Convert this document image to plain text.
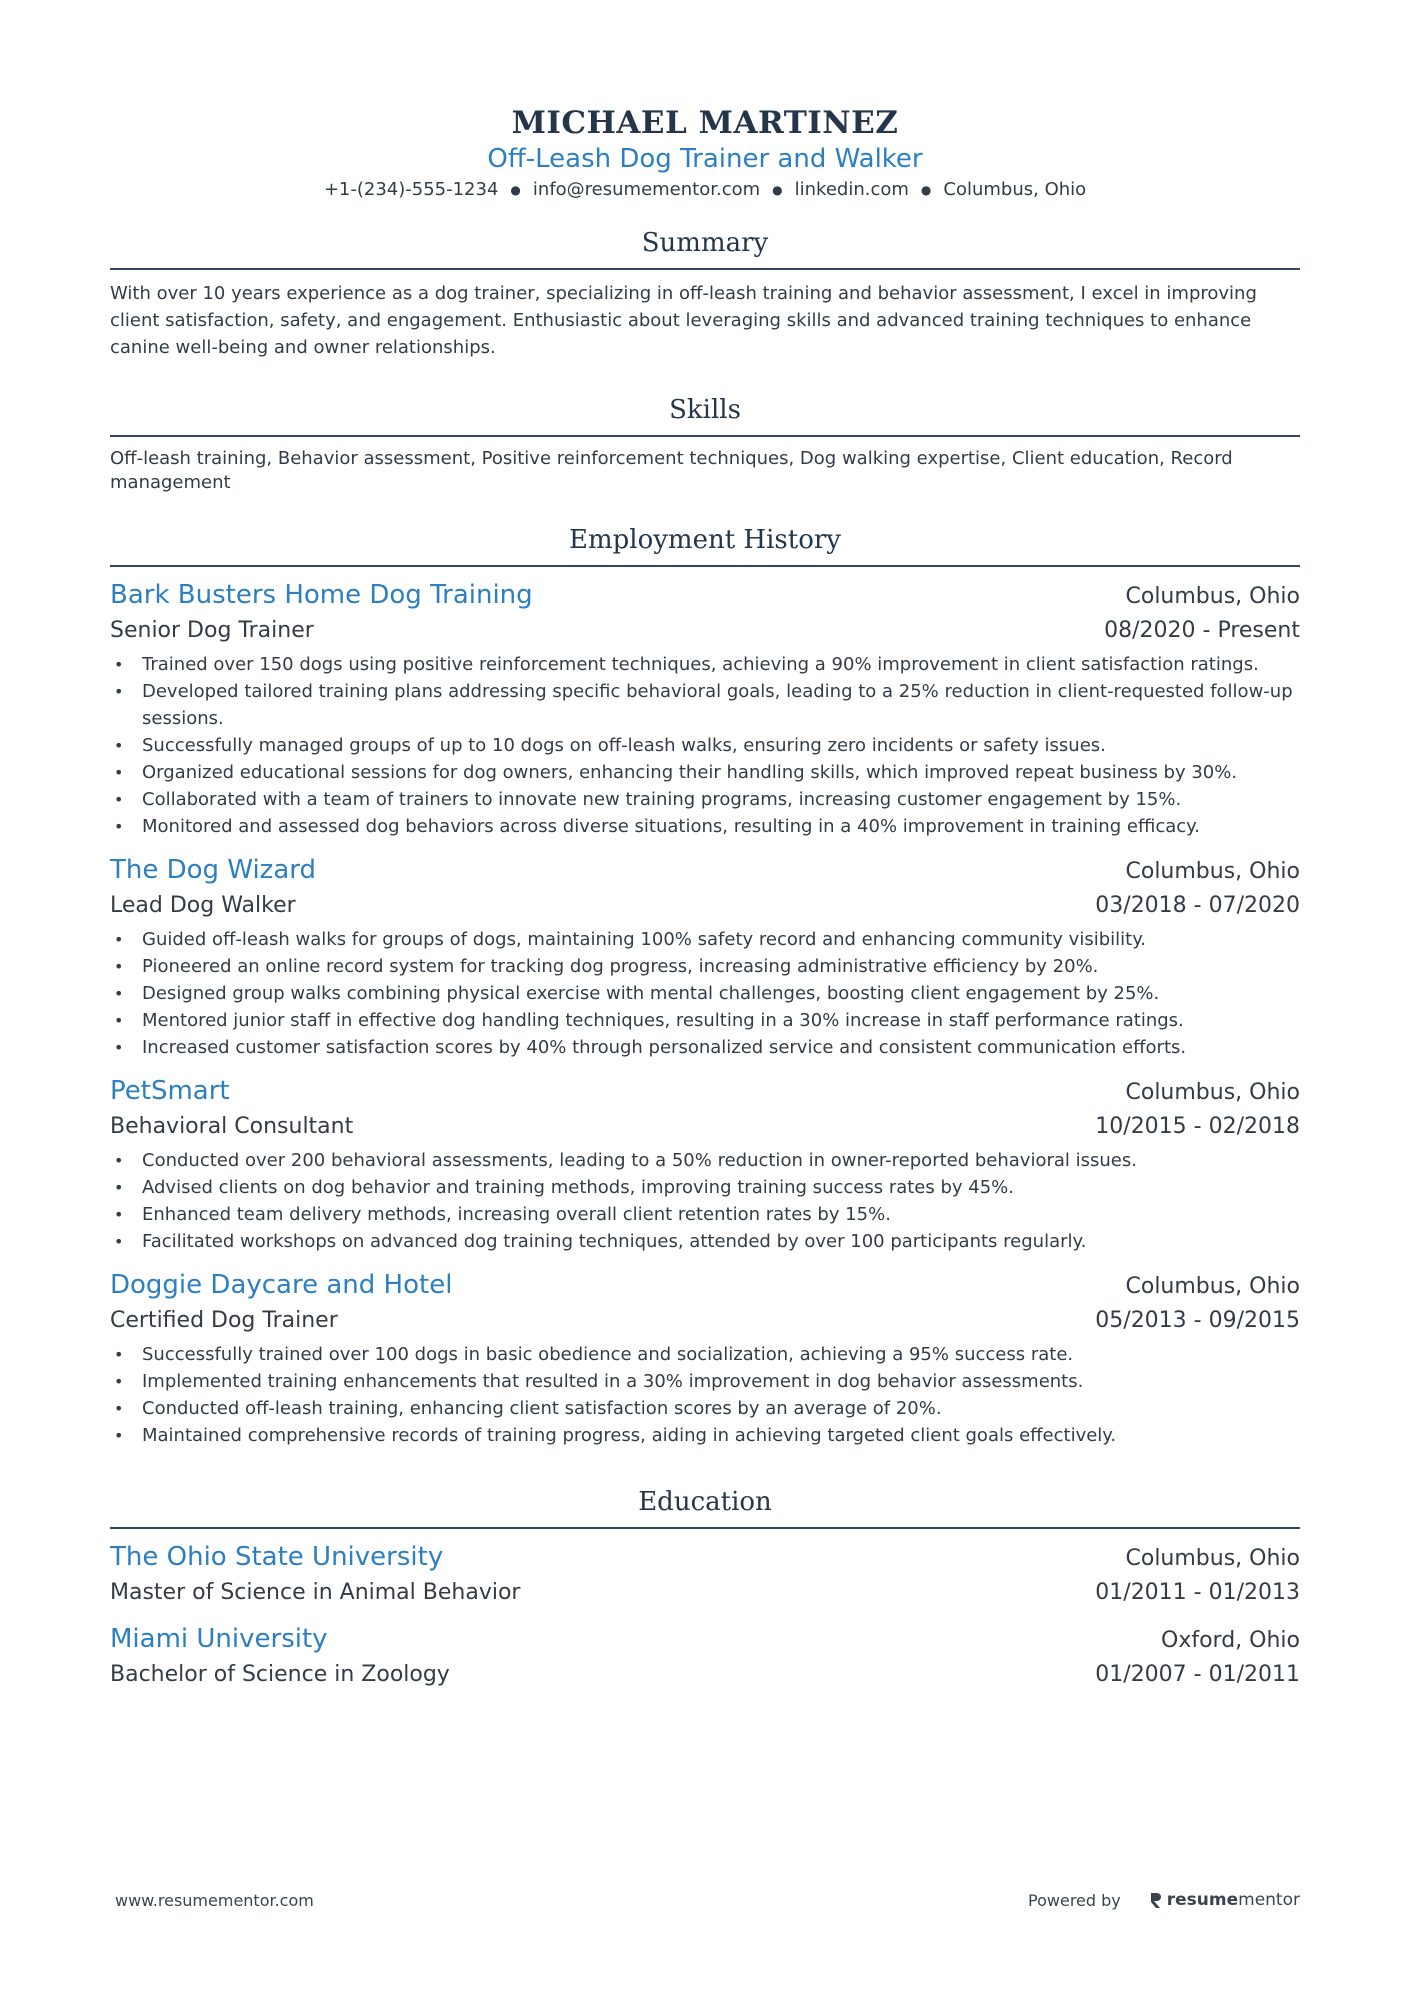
MICHAEL MARTINEZ
Off-Leash Dog Trainer and Walker
+1-(234)-555-1234 ● info@resumementor.com ● linkedin.com ● Columbus, Ohio
Summary
With over 10 years experience as a dog trainer, specializing in off-leash training and behavior assessment, I excel in improving client satisfaction, safety, and engagement. Enthusiastic about leveraging skills and advanced training techniques to enhance canine well-being and owner relationships.
Skills
Off-leash training, Behavior assessment, Positive reinforcement techniques, Dog walking expertise, Client education, Record management
Employment History
Bark Busters Home Dog Training	Columbus, Ohio
Senior Dog Trainer	08/2020 - Present
• Trained over 150 dogs using positive reinforcement techniques, achieving a 90% improvement in client satisfaction ratings.
• Developed tailored training plans addressing specific behavioral goals, leading to a 25% reduction in client-requested follow-up sessions.
• Successfully managed groups of up to 10 dogs on off-leash walks, ensuring zero incidents or safety issues.
• Organized educational sessions for dog owners, enhancing their handling skills, which improved repeat business by 30%.
• Collaborated with a team of trainers to innovate new training programs, increasing customer engagement by 15%.
• Monitored and assessed dog behaviors across diverse situations, resulting in a 40% improvement in training efficacy.
The Dog Wizard	Columbus, Ohio
Lead Dog Walker	03/2018 - 07/2020
• Guided off-leash walks for groups of dogs, maintaining 100% safety record and enhancing community visibility.
• Pioneered an online record system for tracking dog progress, increasing administrative efficiency by 20%.
• Designed group walks combining physical exercise with mental challenges, boosting client engagement by 25%.
• Mentored junior staff in effective dog handling techniques, resulting in a 30% increase in staff performance ratings.
• Increased customer satisfaction scores by 40% through personalized service and consistent communication efforts.
PetSmart	Columbus, Ohio
Behavioral Consultant	10/2015 - 02/2018
• Conducted over 200 behavioral assessments, leading to a 50% reduction in owner-reported behavioral issues.
• Advised clients on dog behavior and training methods, improving training success rates by 45%.
• Enhanced team delivery methods, increasing overall client retention rates by 15%.
• Facilitated workshops on advanced dog training techniques, attended by over 100 participants regularly.
Doggie Daycare and Hotel	Columbus, Ohio
Certified Dog Trainer	05/2013 - 09/2015
• Successfully trained over 100 dogs in basic obedience and socialization, achieving a 95% success rate.
• Implemented training enhancements that resulted in a 30% improvement in dog behavior assessments.
• Conducted off-leash training, enhancing client satisfaction scores by an average of 20%.
• Maintained comprehensive records of training progress, aiding in achieving targeted client goals effectively.
Education
The Ohio State University	Columbus, Ohio
Master of Science in Animal Behavior	01/2011 - 01/2013
Miami University	Oxford, Ohio
Bachelor of Science in Zoology	01/2007 - 01/2011
www.resumementor.com	Powered by	resume mentor
